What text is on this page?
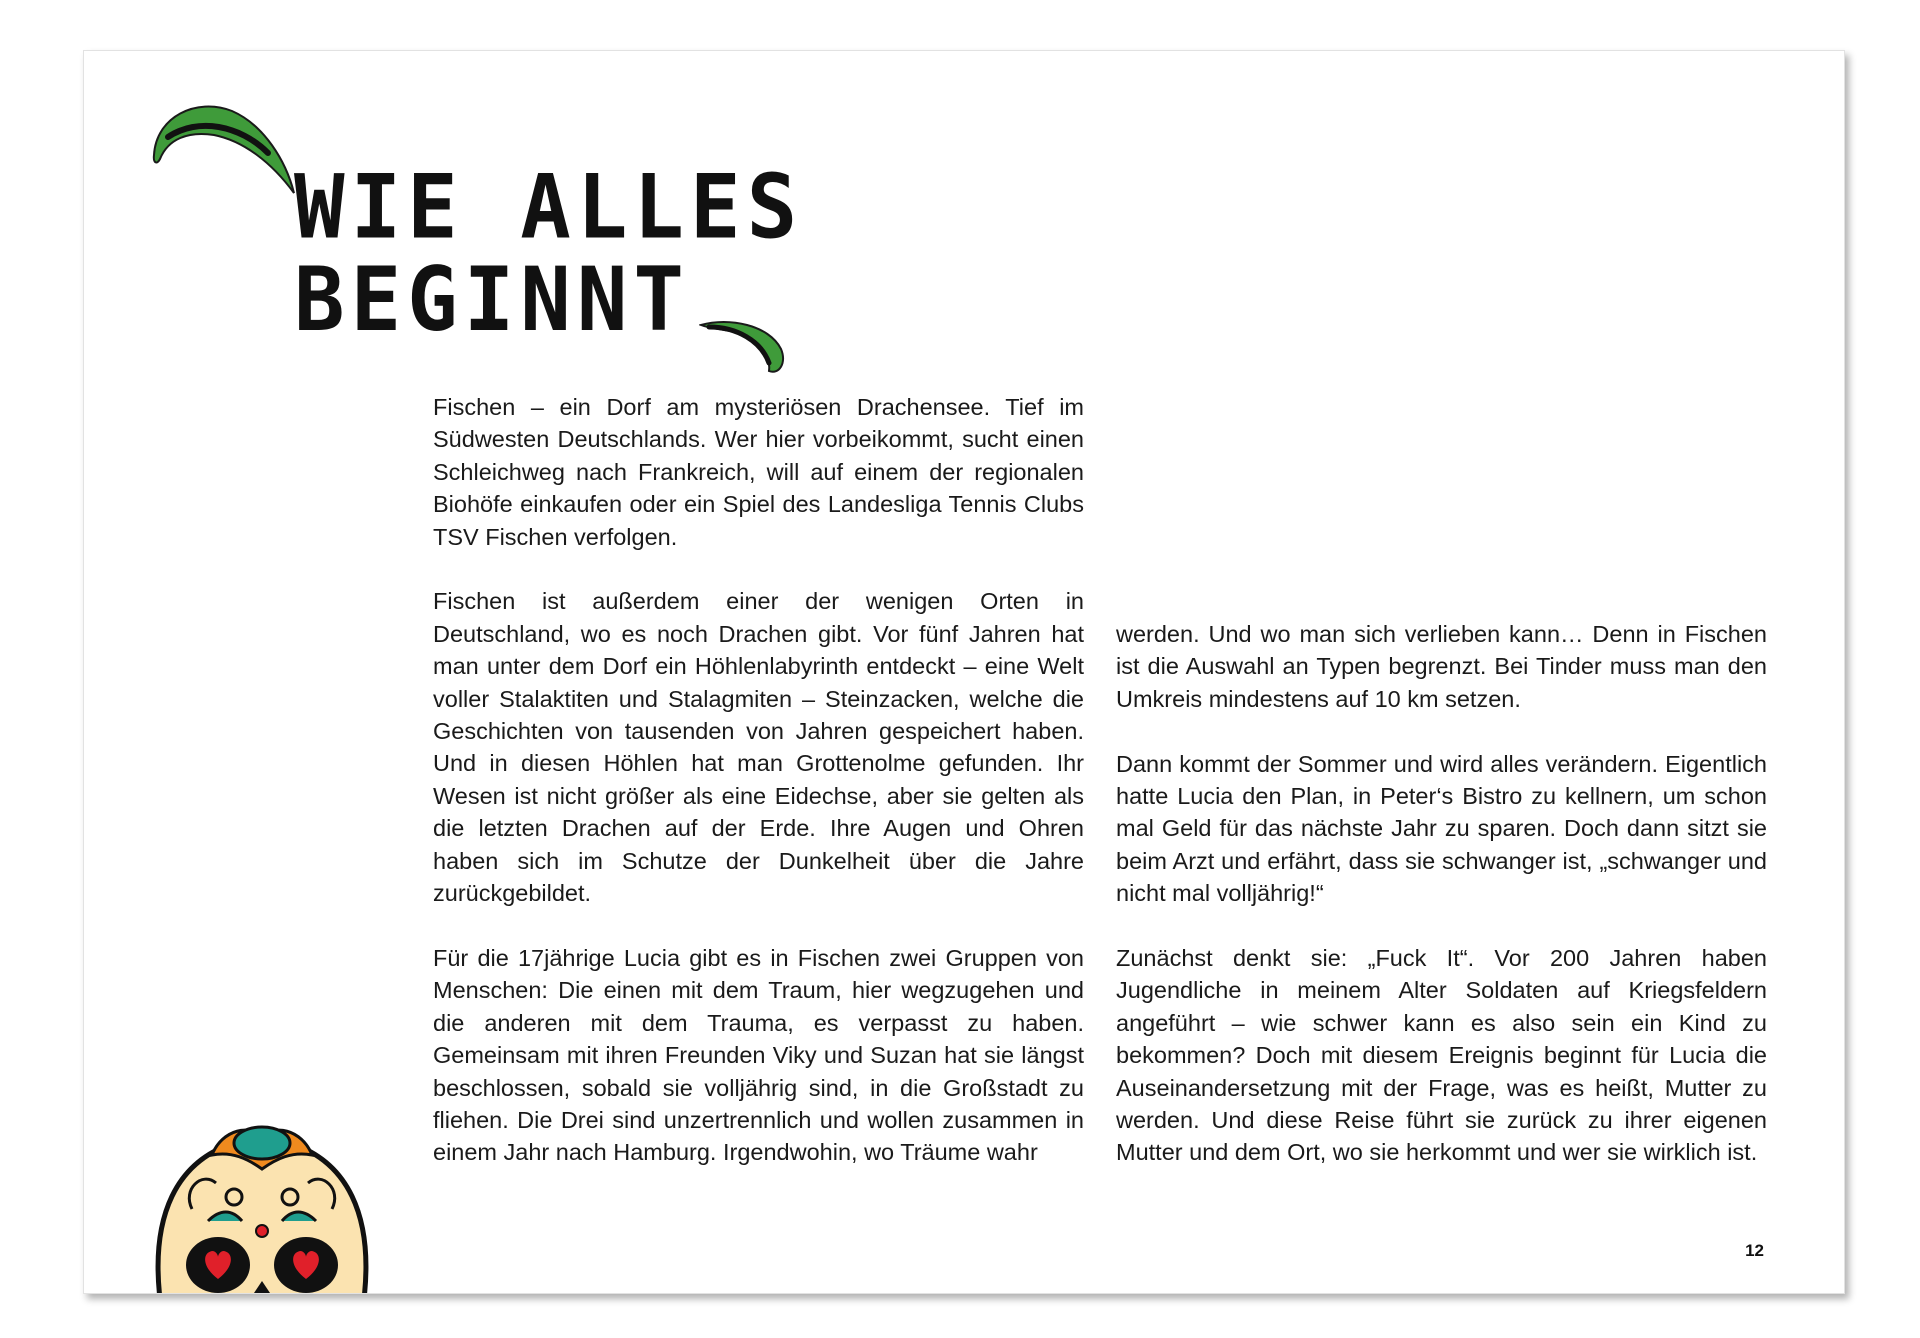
WIE ALLES
BEGINNT

Fischen – ein Dorf am mysteriösen Drachensee. Tief im Südwesten Deutschlands. Wer hier vorbeikommt, sucht einen Schleichweg nach Frankreich, will auf einem der regionalen Biohöfe einkaufen oder ein Spiel des Landesliga Tennis Clubs TSV Fischen verfolgen.

Fischen ist außerdem einer der wenigen Orten in Deutschland, wo es noch Drachen gibt. Vor fünf Jahren hat man unter dem Dorf ein Höhlenlabyrinth entdeckt – eine Welt voller Stalaktiten und Stalagmiten – Steinzacken, welche die Geschichten von tausenden von Jahren gespeichert haben. Und in diesen Höhlen hat man Grottenolme gefunden. Ihr Wesen ist nicht größer als eine Eidechse, aber sie gelten als die letzten Drachen auf der Erde. Ihre Augen und Ohren haben sich im Schutze der Dunkelheit über die Jahre zurückgebildet.

Für die 17jährige Lucia gibt es in Fischen zwei Gruppen von Menschen: Die einen mit dem Traum, hier wegzugehen und die anderen mit dem Trauma, es verpasst zu haben. Gemeinsam mit ihren Freunden Viky und Suzan hat sie längst beschlossen, sobald sie volljährig sind, in die Großstadt zu fliehen. Die Drei sind unzertrennlich und wollen zusammen in einem Jahr nach Hamburg. Irgendwohin, wo Träume wahr

werden. Und wo man sich verlieben kann… Denn in Fischen ist die Auswahl an Typen begrenzt. Bei Tinder muss man den Umkreis mindestens auf 10 km setzen.

Dann kommt der Sommer und wird alles verändern. Eigentlich hatte Lucia den Plan, in Peter‘s Bistro zu kellnern, um schon mal Geld für das nächste Jahr zu sparen. Doch dann sitzt sie beim Arzt und erfährt, dass sie schwanger ist, „schwanger und nicht mal volljährig!“

Zunächst denkt sie: „Fuck It“. Vor 200 Jahren haben Jugendliche in meinem Alter Soldaten auf Kriegsfeldern angeführt – wie schwer kann es also sein ein Kind zu bekommen? Doch mit diesem Ereignis beginnt für Lucia die Auseinandersetzung mit der Frage, was es heißt, Mutter zu werden. Und diese Reise führt sie zurück zu ihrer eigenen Mutter und dem Ort, wo sie herkommt und wer sie wirklich ist.

12
